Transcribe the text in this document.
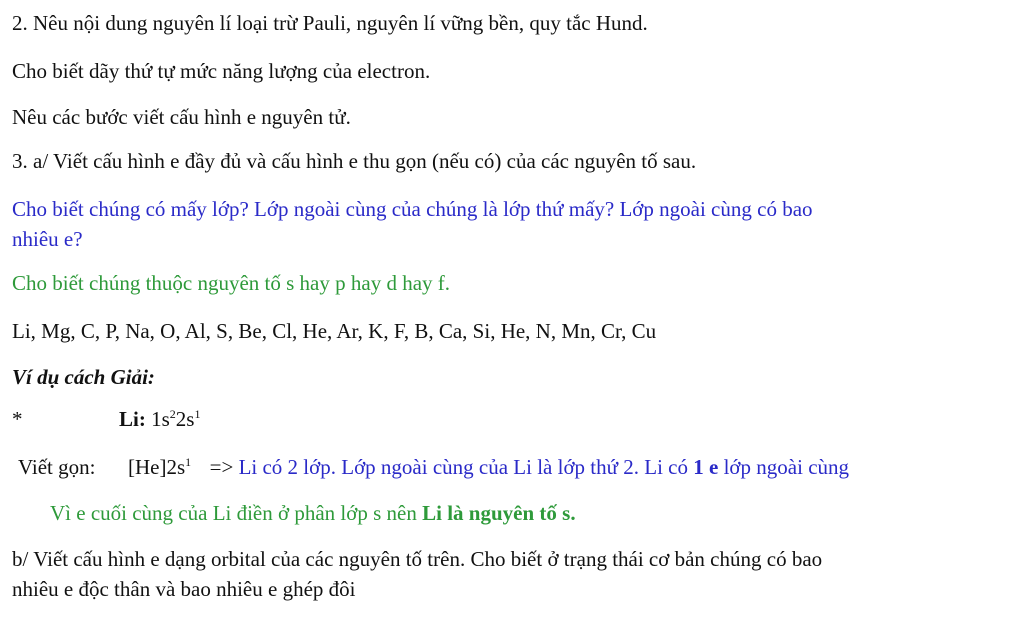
2. Nêu nội dung nguyên lí loại trừ Pauli, nguyên lí vững bền, quy tắc Hund.
Cho biết dãy thứ tự mức năng lượng của electron.
Nêu các bước viết cấu hình e nguyên tử.
3. a/ Viết cấu hình e đầy đủ và cấu hình e thu gọn (nếu có) của các nguyên tố sau.
Cho biết chúng có mấy lớp? Lớp ngoài cùng của chúng là lớp thứ mấy? Lớp ngoài cùng có bao
nhiêu e?
Cho biết chúng thuộc nguyên tố s hay p hay d hay f.
Li, Mg, C, P, Na, O, Al, S, Be, Cl, He, Ar, K, F, B, Ca, Si, He, N, Mn, Cr, Cu
Ví dụ cách Giải:
*	Li: $1s^22s^1$
Viết gọn: $[He]2s^1 => Li$ có 2 lớp. Lớp ngoài cùng của Li là lớp thứ 2. Li có 1 e lớp ngoài cùng
Vì e cuối cùng của Li điền ở phân lớp s nên Li là nguyên tố s.
b/ Viết cấu hình e dạng orbital của các nguyên tố trên. Cho biết ở trạng thái cơ bản chúng có bao
nhiêu e độc thân và bao nhiêu e ghép đôi
